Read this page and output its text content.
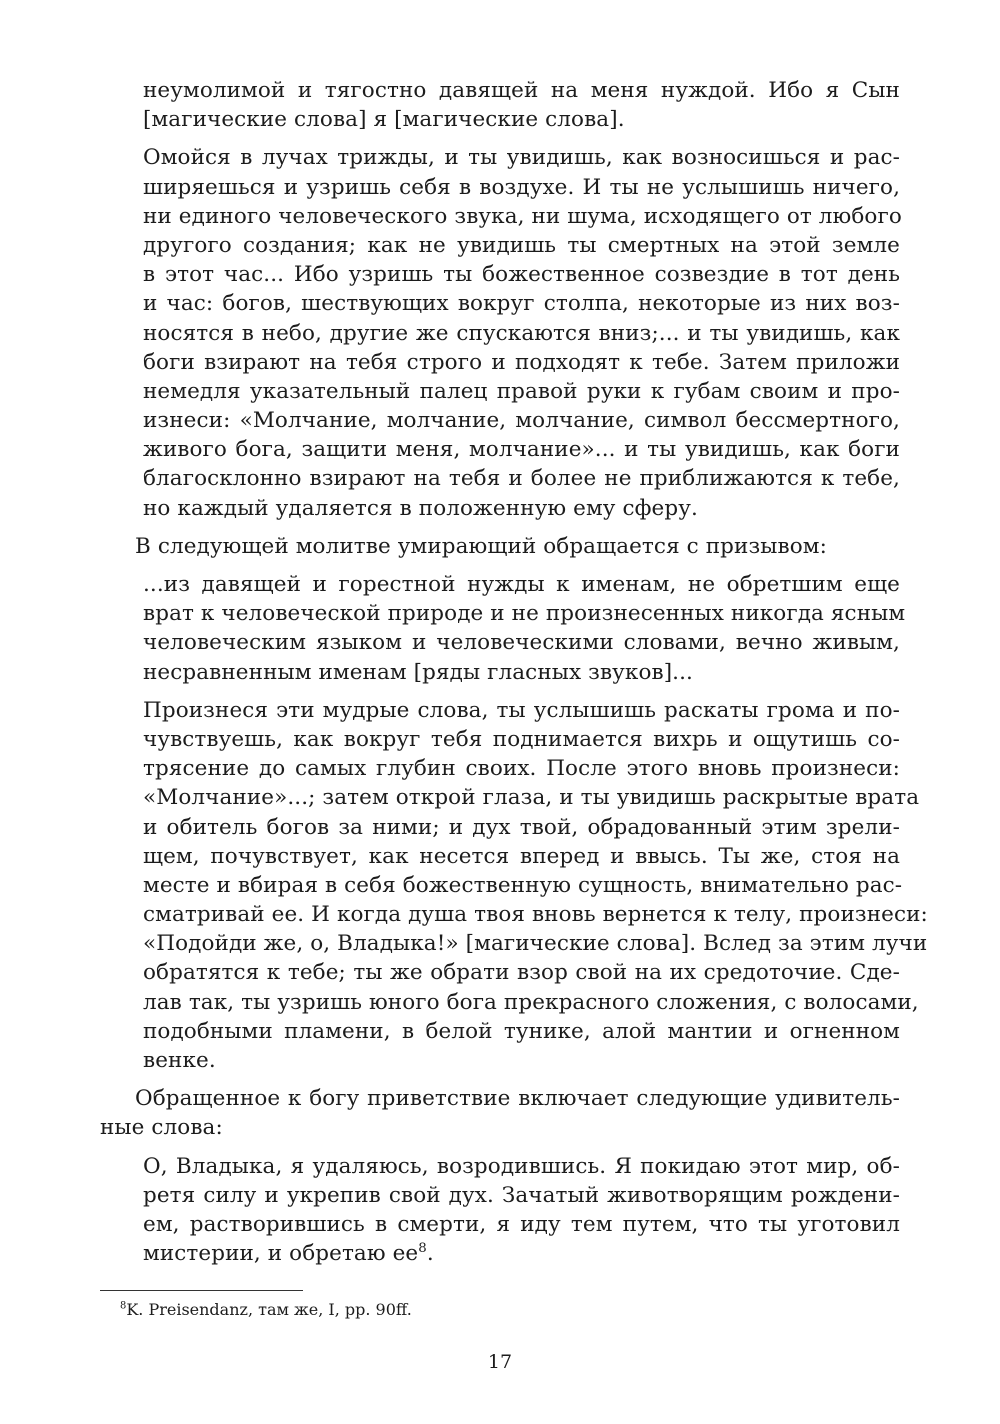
неумолимой и тягостно давящей на меня нуждой. Ибо я Сын
[магические слова] я [магические слова].
Омойся в лучах трижды, и ты увидишь, как возносишься и рас-
ширяешься и узришь себя в воздухе. И ты не услышишь ничего,
ни единого человеческого звука, ни шума, исходящего от любого
другого создания; как не увидишь ты смертных на этой земле
в этот час... Ибо узришь ты божественное созвездие в тот день
и час: богов, шествующих вокруг столпа, некоторые из них воз-
носятся в небо, другие же спускаются вниз;... и ты увидишь, как
боги взирают на тебя строго и подходят к тебе. Затем приложи
немедля указательный палец правой руки к губам своим и про-
изнеси: «Молчание, молчание, молчание, символ бессмертного,
живого бога, защити меня, молчание»... и ты увидишь, как боги
благосклонно взирают на тебя и более не приближаются к тебе,
но каждый удаляется в положенную ему сферу.
В следующей молитве умирающий обращается с призывом:
...из давящей и горестной нужды к именам, не обретшим еще
врат к человеческой природе и не произнесенных никогда ясным
человеческим языком и человеческими словами, вечно живым,
несравненным именам [ряды гласных звуков]...
Произнеся эти мудрые слова, ты услышишь раскаты грома и по-
чувствуешь, как вокруг тебя поднимается вихрь и ощутишь со-
трясение до самых глубин своих. После этого вновь произнеси:
«Молчание»...; затем открой глаза, и ты увидишь раскрытые врата
и обитель богов за ними; и дух твой, обрадованный этим зрели-
щем, почувствует, как несется вперед и ввысь. Ты же, стоя на
месте и вбирая в себя божественную сущность, внимательно рас-
сматривай ее. И когда душа твоя вновь вернется к телу, произнеси:
«Подойди же, о, Владыка!» [магические слова]. Вслед за этим лучи
обратятся к тебе; ты же обрати взор свой на их средоточие. Сде-
лав так, ты узришь юного бога прекрасного сложения, с волосами,
подобными пламени, в белой тунике, алой мантии и огненном
венке.
Обращенное к богу приветствие включает следующие удивитель-
ные слова:
О, Владыка, я удаляюсь, возродившись. Я покидаю этот мир, об-
ретя силу и укрепив свой дух. Зачатый животворящим рождени-
ем, растворившись в смерти, я иду тем путем, что ты уготовил
мистерии, и обретаю $ее^8$.
$^8$K. Preisendanz, там же, I, pp. 90ff.
17
